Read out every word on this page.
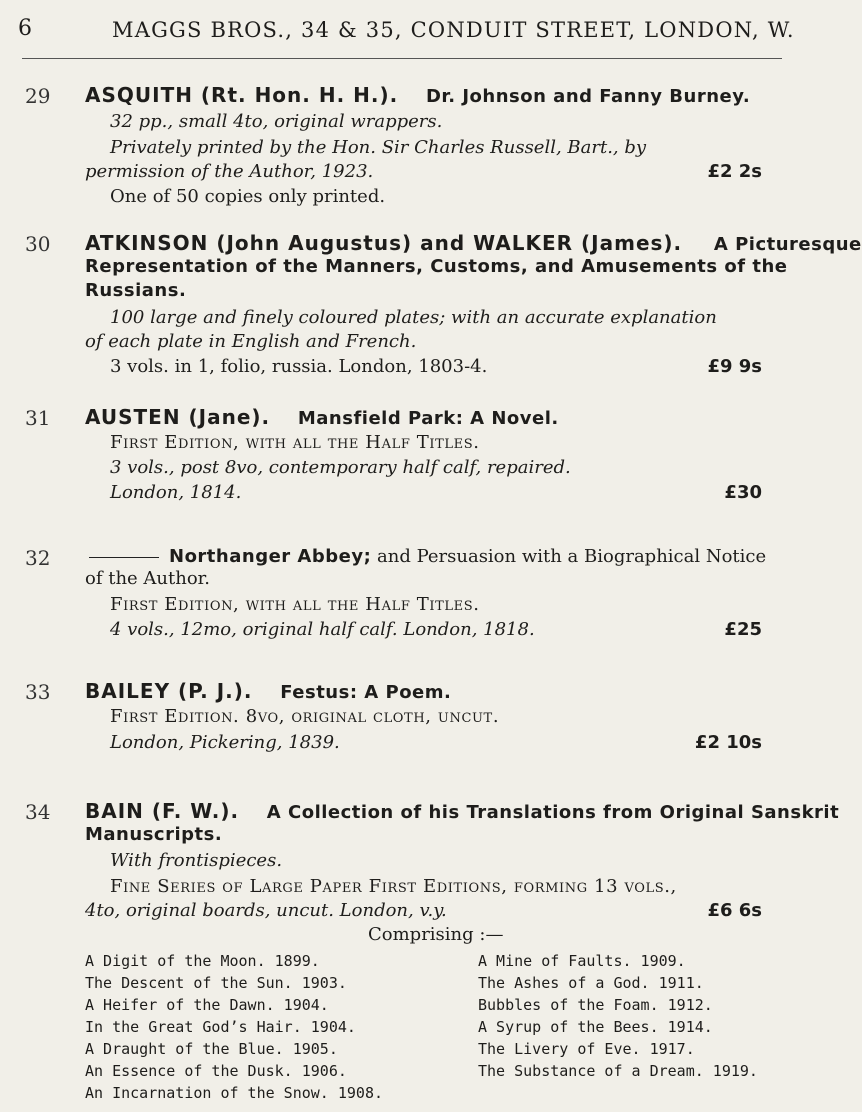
6	MAGGS BROS., 34 & 35, CONDUIT STREET, LONDON, W.
29 ASQUITH (Rt. Hon. H. H.). Dr. Johnson and Fanny Burney.
32 pp., small 4to, original wrappers.
Privately printed by the Hon. Sir Charles Russell, Bart., by
permission of the Author, 1923.	£2 2s
One of 50 copies only printed.
30 ATKINSON (John Augustus) and WALKER (James). A Picturesque
Representation of the Manners, Customs, and Amusements of the
Russians.
100 large and finely coloured plates; with an accurate explanation
of each plate in English and French.
3 vols. in 1, folio, russia. London, 1803-4.	£9 9s
31 AUSTEN (Jane). Mansfield Park: A Novel.
First Edition, with all the Half Titles.
3 vols., post 8vo, contemporary half calf, repaired.
London, 1814.	£30
32	Northanger Abbey; and Persuasion with a Biographical Notice
of the Author.
First Edition, with all the Half Titles.
4 vols., 12mo, original half calf. London, 1818.	£25
33 BAILEY (P. J.). Festus: A Poem.
First Edition. 8vo, original cloth, uncut.
London, Pickering, 1839.	£2 10s
34 BAIN (F. W.). A Collection of his Translations from Original Sanskrit
Manuscripts.
With frontispieces.
Fine Series of Large Paper First Editions, forming 13 vols.,
4to, original boards, uncut. London, v.y.	£6 6s
Comprising :—
A Digit of the Moon. 1899.
The Descent of the Sun. 1903.
A Heifer of the Dawn. 1904.
In the Great God’s Hair. 1904.
A Draught of the Blue. 1905.
An Essence of the Dusk. 1906.
An Incarnation of the Snow. 1908.
A Mine of Faults. 1909.
The Ashes of a God. 1911.
Bubbles of the Foam. 1912.
A Syrup of the Bees. 1914.
The Livery of Eve. 1917.
The Substance of a Dream. 1919.
